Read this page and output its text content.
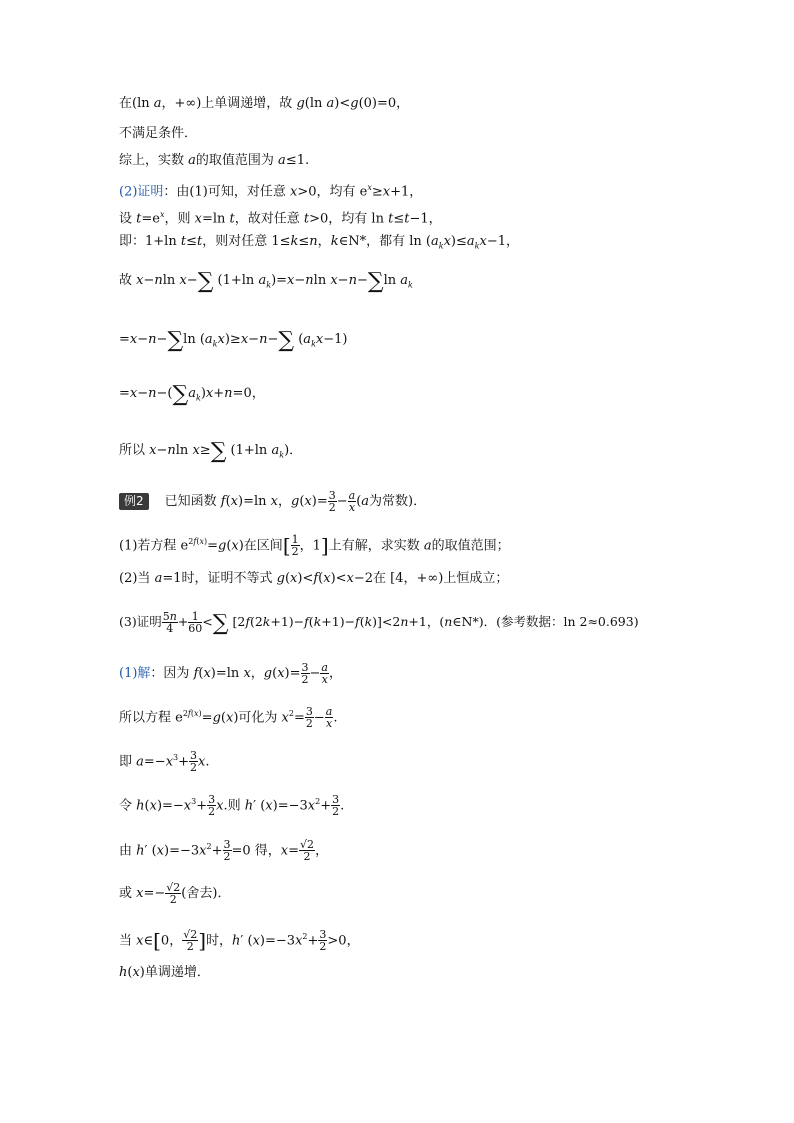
在(ln a，+∞)上单调递增，故 g(ln a)<g(0)=0，
不满足条件．
综上，实数 a的取值范围为 a≤1.
(2)证明：由(1)可知，对任意 x>0，均有 $e^x\ge x+1$，
设 $t=e^x$，则 x=ln t，故对任意 t>0，均有 ln t≤t−1，
即：1+ln t≤t，则对任意 1≤k≤n，k∈N*，都有 $\ln (a_kx)\le a_kx-1$，
故 x−nln x−∑ (1+ln $a_k)=x-nln$ x−n−∑ln $a_k$
=x−n−∑ln $(a_kx)\ge x-n-\sum$ $(a_kx-1)$
$=x-n-(\sum a_k)x+n=0$，
所以 x−nln x≥∑ (1+ln $a_k$)．
例2 已知函数 f(x)=ln x，$g(x)= \frac{3}{2} - \frac{a}{x} (a$为常数)．
(1)若方程 $e^{2f(x)}=g(x)$在区间[ $\frac{1}{2}$ ，1]上有解，求实数 a的取值范围；
(2)当 a=1时，证明不等式 g(x)<f(x)<x−2在 [4，+∞)上恒成立；
(3)证明 $\frac{5n}{4} + \frac{1}{60}$ <∑ [2f(2k+1)−f(k+1)−f(k)]<2n+1，(n∈N*)．(参考数据：ln 2≈0.693)
(1)解：因为 f(x)=ln x，$g(x)= \frac{3}{2} - \frac{a}{x}$ ，
所以方程 $e^{2f(x)}=g(x)$可化为 $x^2= \frac{3}{2} - \frac{a}{x}$ .
即 $a=-x^3+ \frac{3}{2} x$.
令 $h(x)=-x^3+ \frac{3}{2} x$.则 h′ $(x)=-3x^2+ \frac{3}{2}$ .
由 h′ $(x)=-3x^2+ \frac{3}{2} =0$ 得，$x= \frac{√2}{2}$ ，
或 $x=- \frac{√2}{2}$ (舍去)．
当 x∈[0， $\frac{√2}{2}$ ]时，h′ $(x)=-3x^2+ \frac{3}{2} >0$，
h(x)单调递增．
